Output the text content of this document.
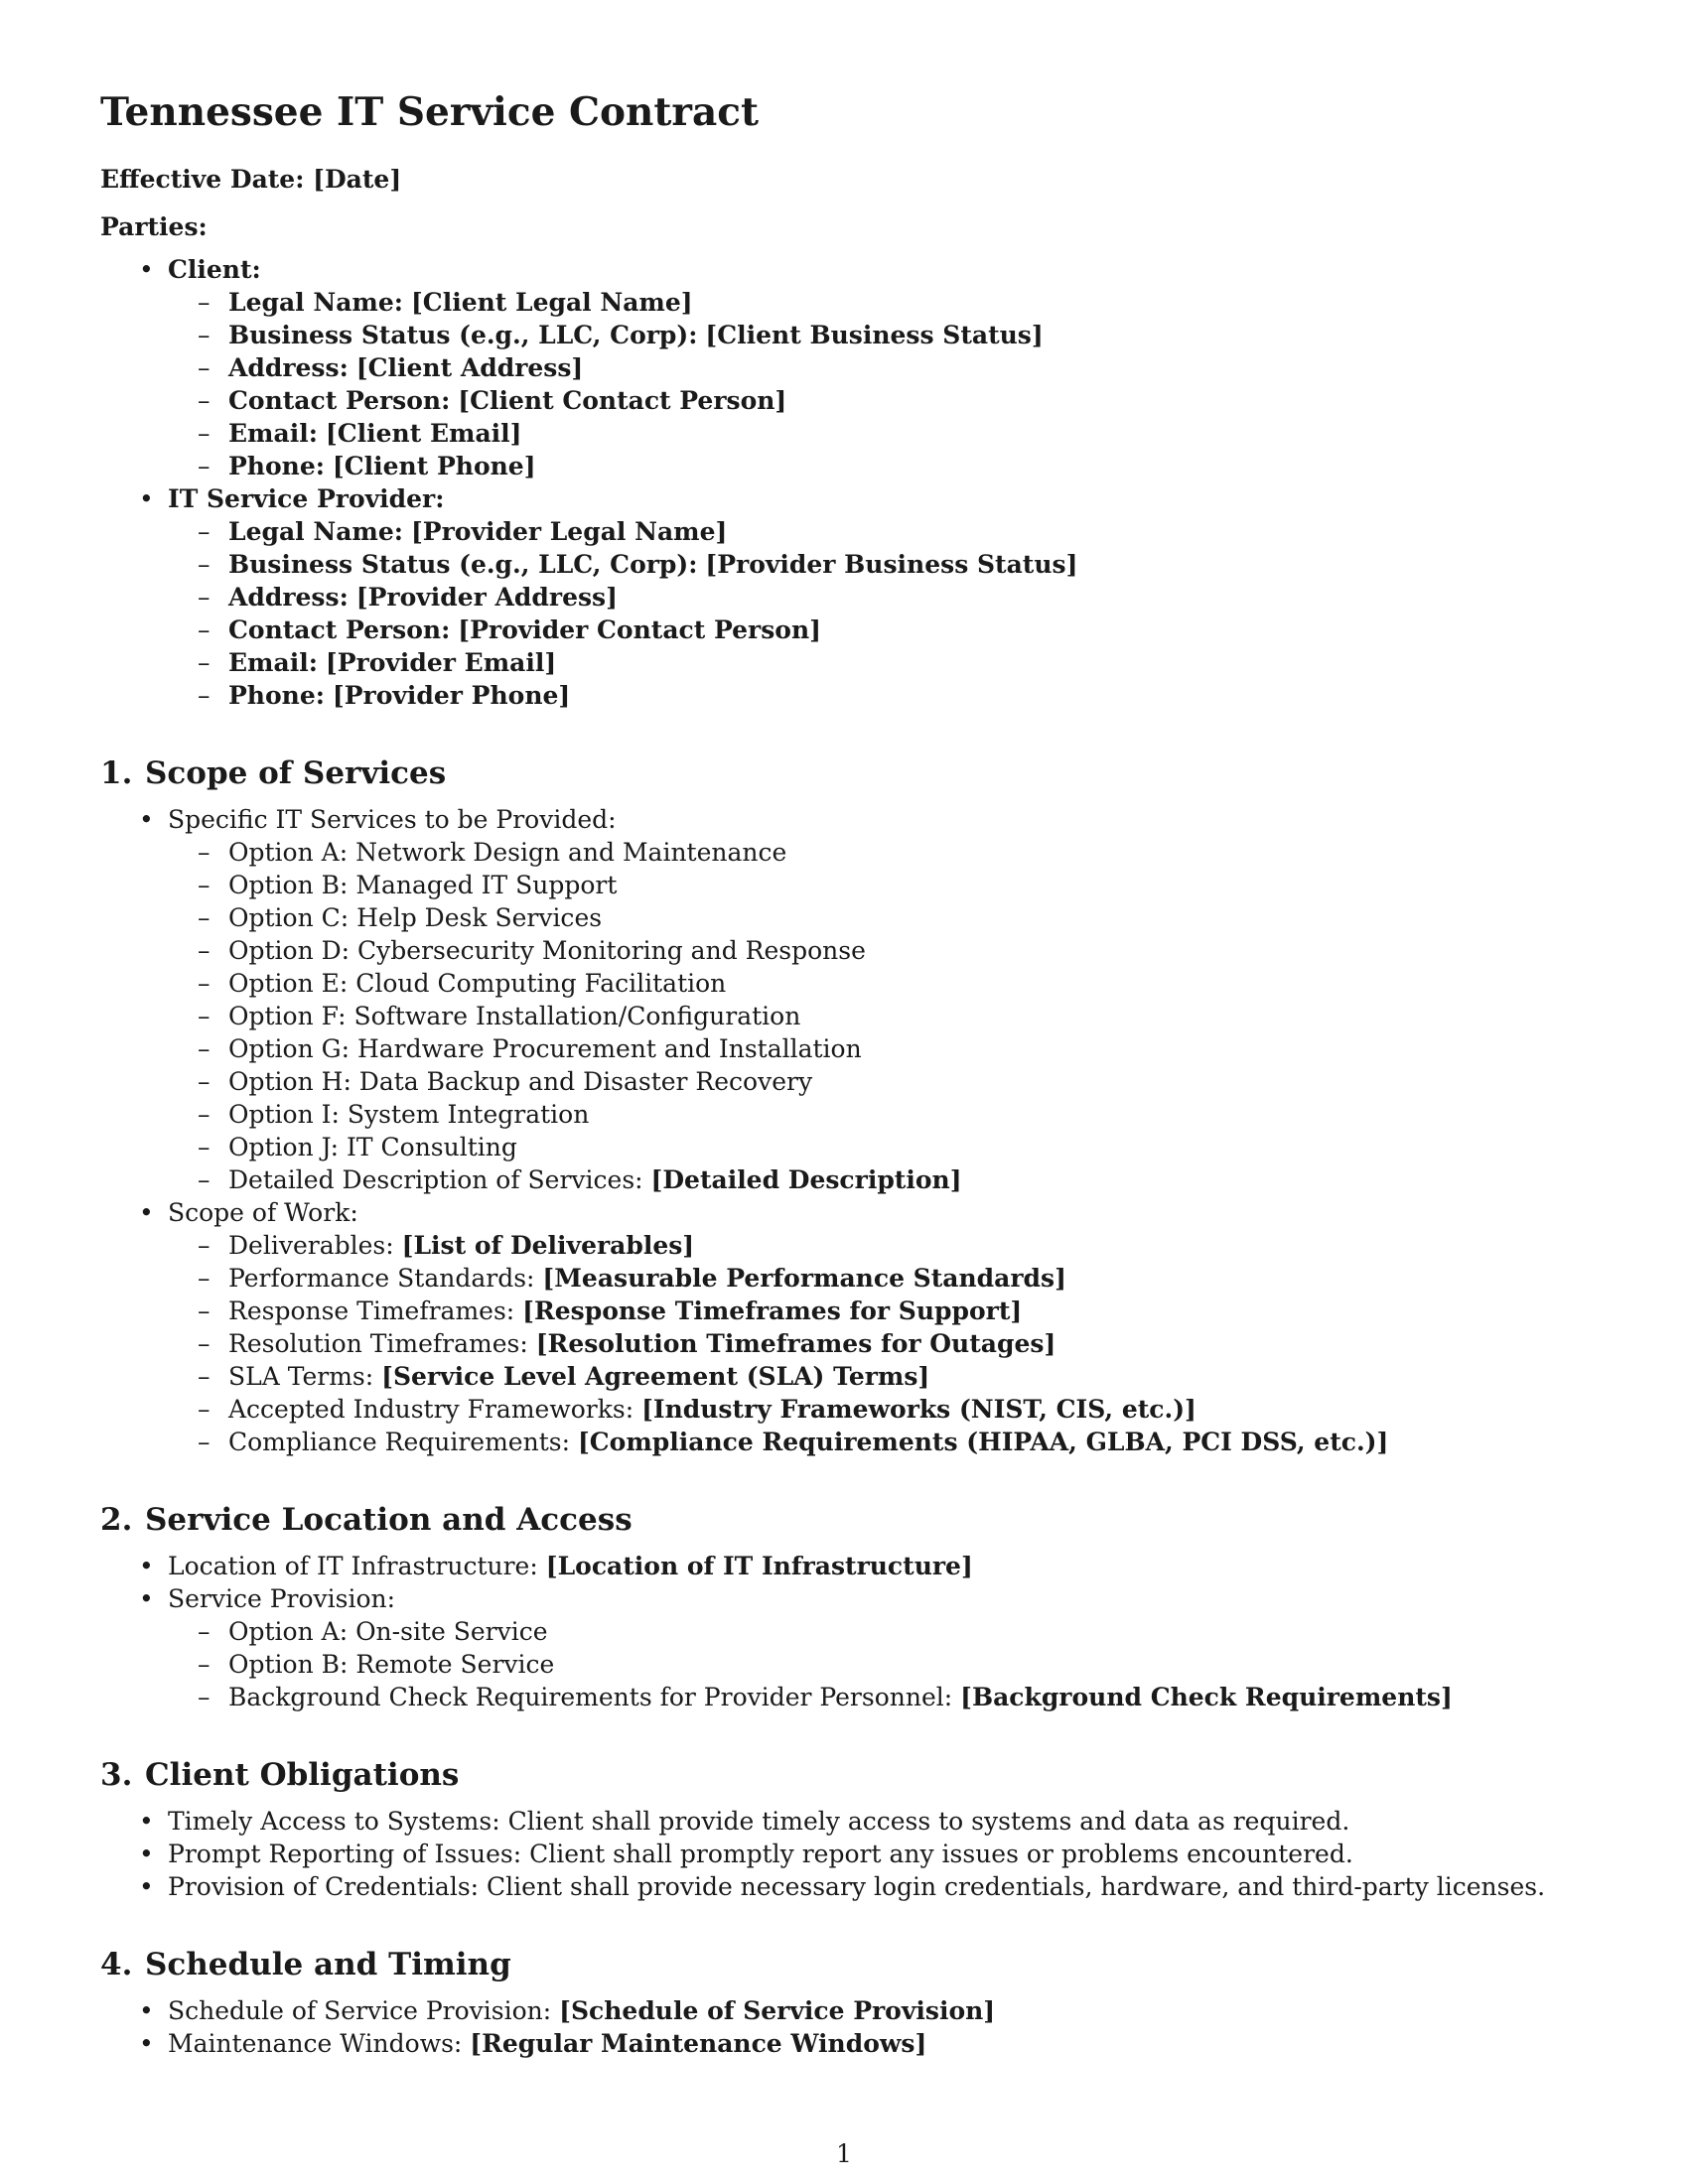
Tennessee IT Service Contract

Effective Date: [Date]

Parties:

• Client:
– Legal Name: [Client Legal Name]
– Business Status (e.g., LLC, Corp): [Client Business Status]
– Address: [Client Address]
– Contact Person: [Client Contact Person]
– Email: [Client Email]
– Phone: [Client Phone]
• IT Service Provider:
– Legal Name: [Provider Legal Name]
– Business Status (e.g., LLC, Corp): [Provider Business Status]
– Address: [Provider Address]
– Contact Person: [Provider Contact Person]
– Email: [Provider Email]
– Phone: [Provider Phone]
1. Scope of Services
• Specific IT Services to be Provided:
– Option A: Network Design and Maintenance
– Option B: Managed IT Support
– Option C: Help Desk Services
– Option D: Cybersecurity Monitoring and Response
– Option E: Cloud Computing Facilitation
– Option F: Software Installation/Configuration
– Option G: Hardware Procurement and Installation
– Option H: Data Backup and Disaster Recovery
– Option I: System Integration
– Option J: IT Consulting
– Detailed Description of Services: [Detailed Description]
• Scope of Work:
– Deliverables: [List of Deliverables]
– Performance Standards: [Measurable Performance Standards]
– Response Timeframes: [Response Timeframes for Support]
– Resolution Timeframes: [Resolution Timeframes for Outages]
– SLA Terms: [Service Level Agreement (SLA) Terms]
– Accepted Industry Frameworks: [Industry Frameworks (NIST, CIS, etc.)]
– Compliance Requirements: [Compliance Requirements (HIPAA, GLBA, PCI DSS, etc.)]
2. Service Location and Access
• Location of IT Infrastructure: [Location of IT Infrastructure]
• Service Provision:
– Option A: On-site Service
– Option B: Remote Service
– Background Check Requirements for Provider Personnel: [Background Check Requirements]
3. Client Obligations
• Timely Access to Systems: Client shall provide timely access to systems and data as required.
• Prompt Reporting of Issues: Client shall promptly report any issues or problems encountered.
• Provision of Credentials: Client shall provide necessary login credentials, hardware, and third-party licenses.
4. Schedule and Timing
• Schedule of Service Provision: [Schedule of Service Provision]
• Maintenance Windows: [Regular Maintenance Windows]
1
